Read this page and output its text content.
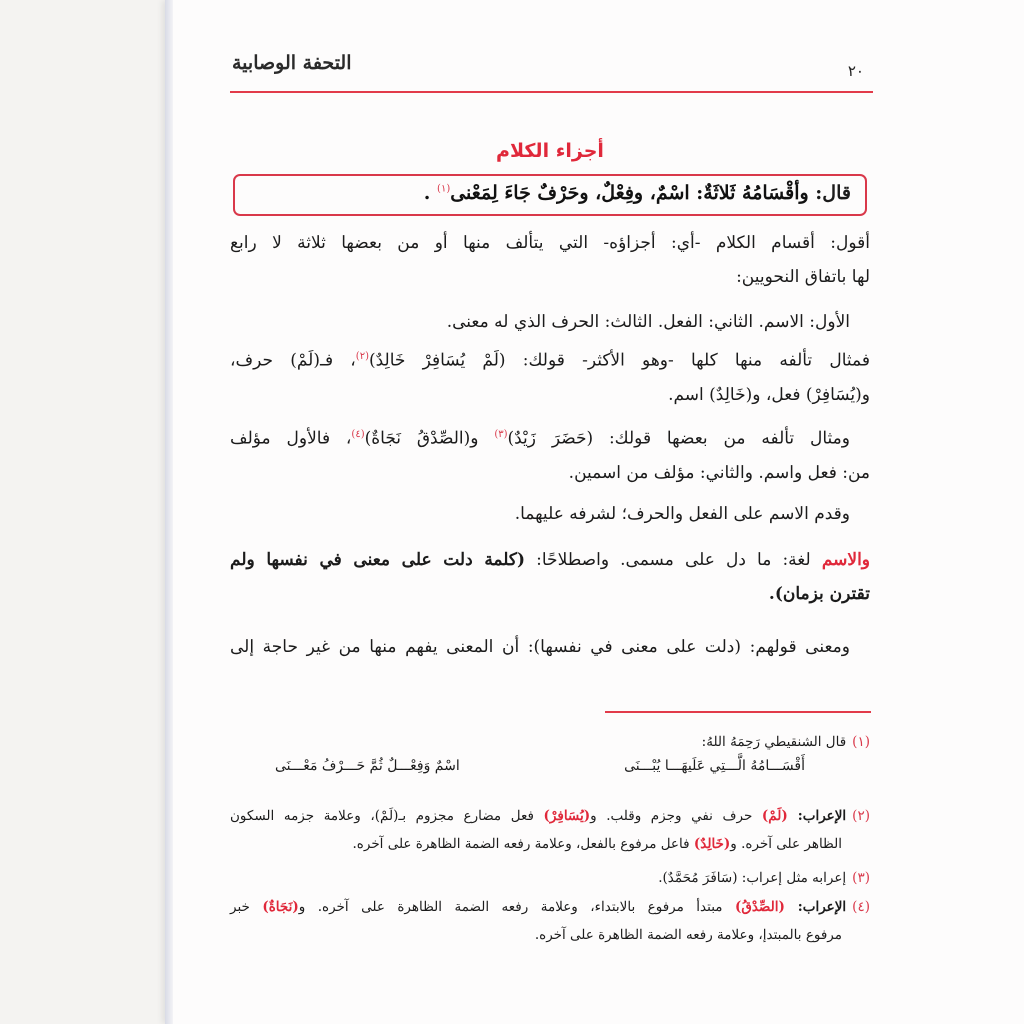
٢٠
التحفة الوصابية
أجزاء الكلام
قال: وأقْسَامُهُ ثَلاثَةٌ: اسْمٌ، وفِعْلٌ، وحَرْفٌ جَاءَ لِمَعْنى$^{(١)}$ .
أقول: أقسام الكلام -أي: أجزاؤه- التي يتألف منها أو من بعضها ثلاثة لا رابع
لها باتفاق النحويين:
الأول: الاسم. الثاني: الفعل. الثالث: الحرف الذي له معنى.
فمثال تألفه منها كلها -وهو الأكثر- قولك: (لَمْ يُسَافِرْ خَالِدٌ)$^{(٢)}$، فـ(لَمْ) حرف،
و(يُسَافِرْ) فعل، و(خَالِدٌ) اسم.
ومثال تألفه من بعضها قولك: (حَضَرَ زَيْدٌ)$^{(٣)}$ و(الصِّدْقُ نَجَاةٌ)$^{(٤)}$، فالأول مؤلف
من: فعل واسم. والثاني: مؤلف من اسمين.
وقدم الاسم على الفعل والحرف؛ لشرفه عليهما.
والاسم لغة: ما دل على مسمى. واصطلاحًا: (كلمة دلت على معنى في نفسها ولم
تقترن بزمان).
ومعنى قولهم: (دلت على معنى في نفسها): أن المعنى يفهم منها من غير حاجة إلى
(١)قال الشنقيطي رَحِمَهُ اللهُ:
أَقْسَـــامُهُ الَّـــتِي عَلَيهَـــا يُبْـــنَى
اسْمٌ وَفِعْـــلٌ ثُمَّ حَـــرْفُ مَعْـــنَى
(٢)الإعراب: (لَمْ) حرف نفي وجزم وقلب. و(يُسَافِرْ) فعل مضارع مجزوم بـ(لَمْ)، وعلامة جزمه السكون
الظاهر على آخره. و(خَالِدٌ) فاعل مرفوع بالفعل، وعلامة رفعه الضمة الظاهرة على آخره.
(٣)إعرابه مثل إعراب: (سَافَرَ مُحَمَّدٌ).
(٤)الإعراب: (الصِّدْقُ) مبتدأ مرفوع بالابتداء، وعلامة رفعه الضمة الظاهرة على آخره. و(نَجَاةٌ) خبر
مرفوع بالمبتدإ، وعلامة رفعه الضمة الظاهرة على آخره.
